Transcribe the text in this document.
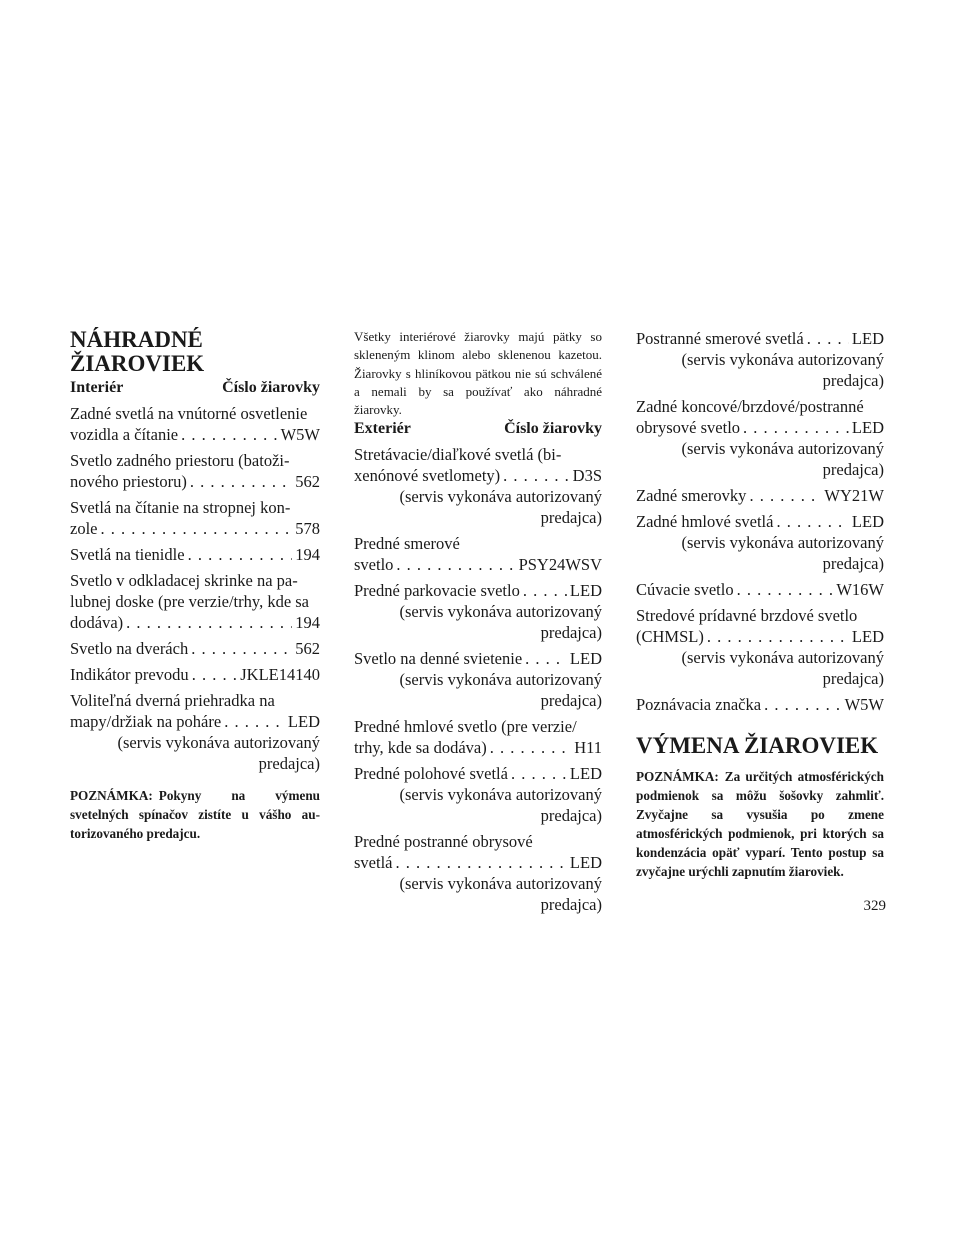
NÁHRADNÉ
ŽIAROVIEK
Interiér	Číslo žiarovky
Zadné svetlá na vnútorné osvetlenie
vozidla a čítanie . . .	W5W
Svetlo zadného priestoru (batoži-
nového priestoru) . . .	562
Svetlá na čítanie na stropnej kon-
zole . . .	578
Svetlá na tienidle . . .	194
Svetlo v odkladacej skrinke na pa-
lubnej doske (pre verzie/trhy, kde sa
dodáva) . . .	194
Svetlo na dverách . . .	562
Indikátor prevodu . . .	JKLE14140
Voliteľná dverná priehradka na
mapy/držiak na poháre . . .	LED
(servis vykonáva autorizovaný
predajca)
POZNÁMKA: Pokyny na výmenu svetelných spínačov zistíte u vášho autorizovaného predajcu.

Všetky interiérové žiarovky majú pätky so skleneným klinom alebo sklenenou kazetou. Žiarovky s hliníkovou pätkou nie sú schválené a nemali by sa používať ako náhradné žiarovky.

Exteriér	Číslo žiarovky
Stretávacie/diaľkové svetlá (bi-
xenónové svetlomety) . . .	D3S
(servis vykonáva autorizovaný
predajca)
Predné smerové
svetlo . . .	PSY24WSV
Predné parkovacie svetlo . . .	LED
(servis vykonáva autorizovaný
predajca)
Svetlo na denné svietenie . . .	LED
(servis vykonáva autorizovaný
predajca)
Predné hmlové svetlo (pre verzie/
trhy, kde sa dodáva) . . .	H11
Predné polohové svetlá . . .	LED
(servis vykonáva autorizovaný
predajca)
Predné postranné obrysové
svetlá . . .	LED
(servis vykonáva autorizovaný
predajca)
Postranné smerové svetlá . . .	LED
(servis vykonáva autorizovaný
predajca)
Zadné koncové/brzdové/postranné
obrysové svetlo . . .	LED
(servis vykonáva autorizovaný
predajca)
Zadné smerovky . . .	WY21W
Zadné hmlové svetlá . . .	LED
(servis vykonáva autorizovaný
predajca)
Cúvacie svetlo . . .	W16W
Stredové prídavné brzdové svetlo
(CHMSL) . . .	LED
(servis vykonáva autorizovaný
predajca)
Poznávacia značka . . .	W5W
VÝMENA ŽIAROVIEK
POZNÁMKA: Za určitých atmosférických podmienok sa môžu šošovky zahmliť. Zvyčajne sa vysušia po zmene atmosférických podmienok, pri ktorých sa kondenzácia opäť vyparí. Tento postup sa zvyčajne urýchli zapnutím žiaroviek.
329
